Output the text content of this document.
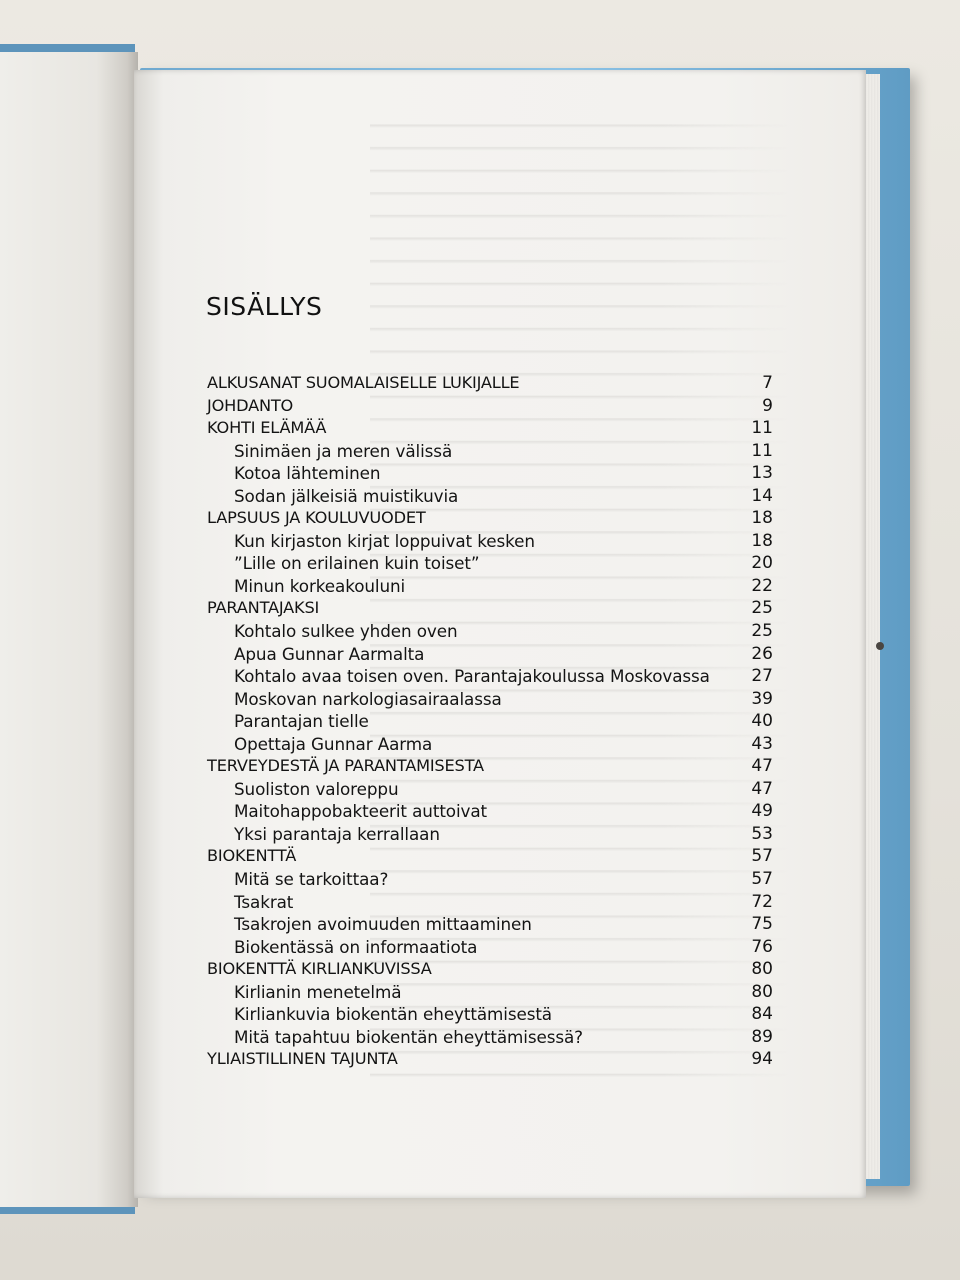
SISÄLLYS
ALKUSANAT SUOMALAISELLE LUKIJALLE	7
JOHDANTO	9
KOHTI ELÄMÄÄ	11
Sinimäen ja meren välissä	11
Kotoa lähteminen	13
Sodan jälkeisiä muistikuvia	14
LAPSUUS JA KOULUVUODET	18
Kun kirjaston kirjat loppuivat kesken	18
”Lille on erilainen kuin toiset”	20
Minun korkeakouluni	22
PARANTAJAKSI	25
Kohtalo sulkee yhden oven	25
Apua Gunnar Aarmalta	26
Kohtalo avaa toisen oven. Parantajakoulussa Moskovassa 27
Moskovan narkologiasairaalassa	39
Parantajan tielle	40
Opettaja Gunnar Aarma	43
TERVEYDESTÄ JA PARANTAMISESTA	47
Suoliston valoreppu	47
Maitohappobakteerit auttoivat	49
Yksi parantaja kerrallaan	53
BIOKENTTÄ	57
Mitä se tarkoittaa?	57
Tsakrat	72
Tsakrojen avoimuuden mittaaminen	75
Biokentässä on informaatiota	76
BIOKENTTÄ KIRLIANKUVISSA	80
Kirlianin menetelmä	80
Kirliankuvia biokentän eheyttämisestä	84
Mitä tapahtuu biokentän eheyttämisessä?	89
YLIAISTILLINEN TAJUNTA	94
